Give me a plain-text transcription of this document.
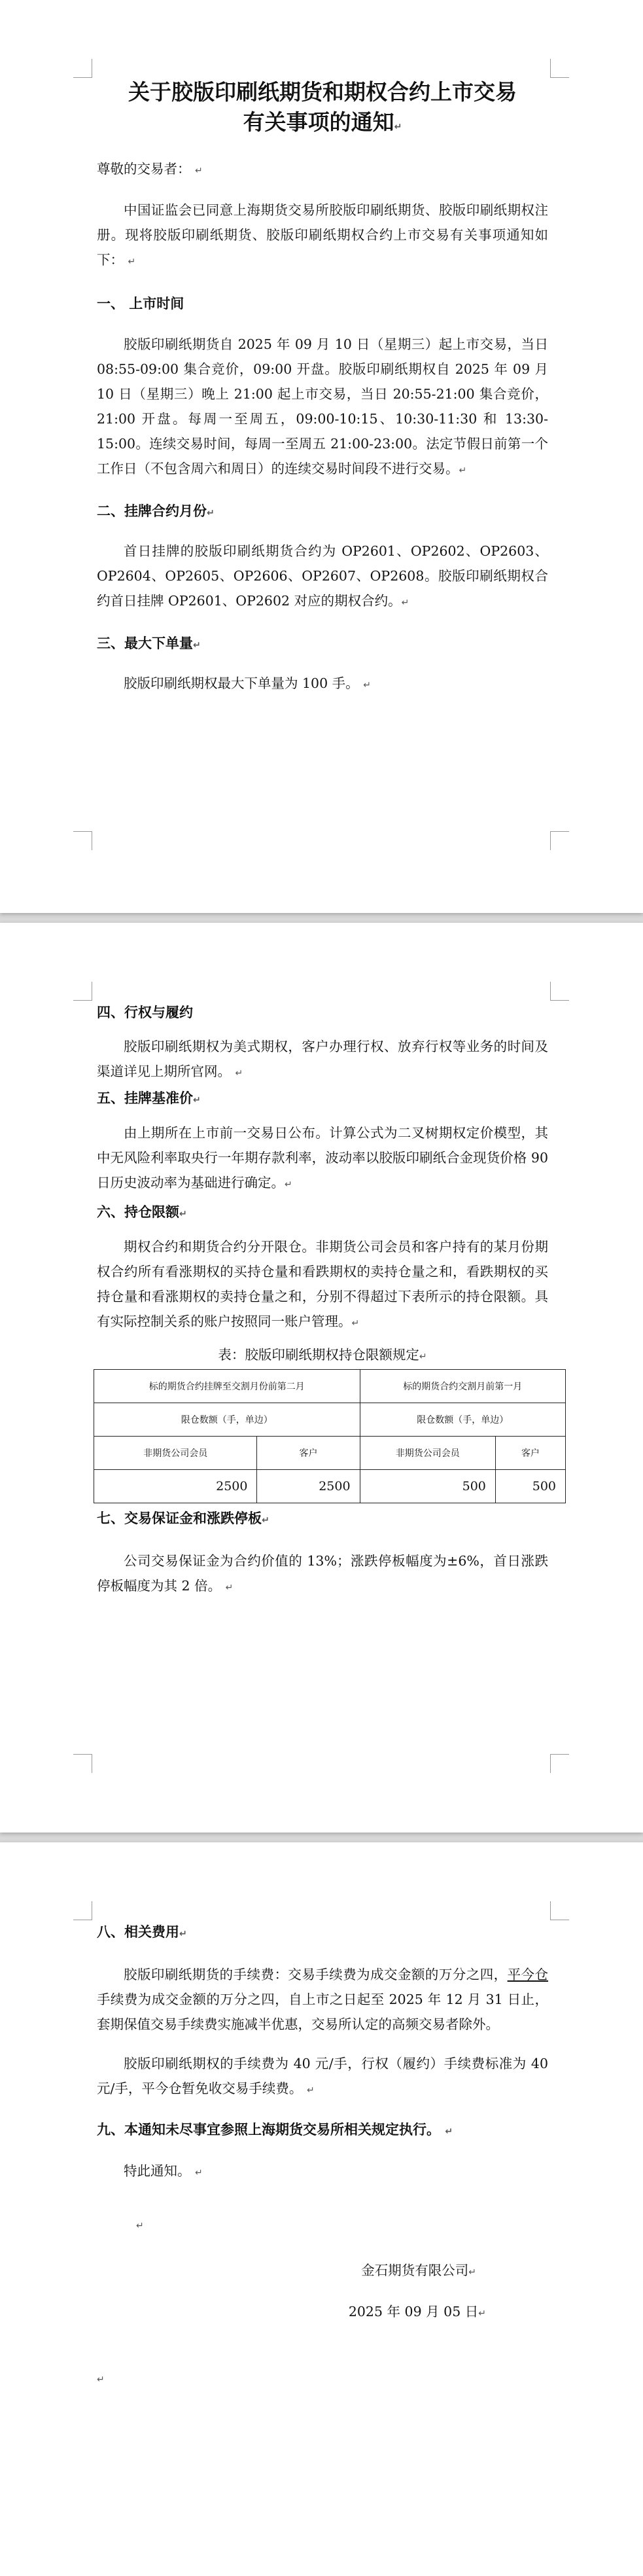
关于胶版印刷纸期货和期权合约上市交易
有关事项的通知↵

尊敬的交易者： ↵

中国证监会已同意上海期货交易所胶版印刷纸期货、胶版印刷纸期权注册。现将胶版印刷纸期货、胶版印刷纸期权合约上市交易有关事项通知如下： ↵

一、 上市时间

胶版印刷纸期货自 2025 年 09 月 10 日（星期三）起上市交易，当日 08:55-09:00 集合竞价，09:00 开盘。胶版印刷纸期权自 2025 年 09 月 10 日（星期三）晚上 21:00 起上市交易，当日 20:55-21:00 集合竞价，21:00 开盘。每周一至周五，09:00-10:15、10:30-11:30 和 13:30-15:00。连续交易时间，每周一至周五 21:00-23:00。法定节假日前第一个工作日（不包含周六和周日）的连续交易时间段不进行交易。↵

二、挂牌合约月份↵

首日挂牌的胶版印刷纸期货合约为 OP2601、OP2602、OP2603、OP2604、OP2605、OP2606、OP2607、OP2608。胶版印刷纸期权合约首日挂牌 OP2601、OP2602 对应的期权合约。↵

三、最大下单量↵

胶版印刷纸期权最大下单量为 100 手。 ↵

四、行权与履约

胶版印刷纸期权为美式期权，客户办理行权、放弃行权等业务的时间及渠道详见上期所官网。 ↵

五、挂牌基准价↵

由上期所在上市前一交易日公布。计算公式为二叉树期权定价模型，其中无风险利率取央行一年期存款利率，波动率以胶版印刷纸合金现货价格 90 日历史波动率为基础进行确定。↵

六、持仓限额↵

期权合约和期货合约分开限仓。非期货公司会员和客户持有的某月份期权合约所有看涨期权的买持仓量和看跌期权的卖持仓量之和，看跌期权的买持仓量和看涨期权的卖持仓量之和，分别不得超过下表所示的持仓限额。具有实际控制关系的账户按照同一账户管理。↵

表：胶版印刷纸期权持仓限额规定↵

标的期货合约挂牌至交割月份前第二月		标的期货合约交割月前第一月	
限仓数额（手，单边）		限仓数额（手，单边）	
非期货公司会员	客户	非期货公司会员	客户
2500	2500	500	500

七、交易保证金和涨跌停板↵

公司交易保证金为合约价值的 13%；涨跌停板幅度为±6%，首日涨跌停板幅度为其 2 倍。 ↵

八、相关费用↵

胶版印刷纸期货的手续费：交易手续费为成交金额的万分之四，平今仓手续费为成交金额的万分之四，自上市之日起至 2025 年 12 月 31 日止，套期保值交易手续费实施减半优惠，交易所认定的高频交易者除外。

胶版印刷纸期权的手续费为 40 元/手，行权（履约）手续费标准为 40 元/手，平今仓暂免收交易手续费。 ↵

九、本通知未尽事宜参照上海期货交易所相关规定执行。 ↵

特此通知。 ↵

↵

金石期货有限公司↵

2025 年 09 月 05 日↵

↵
